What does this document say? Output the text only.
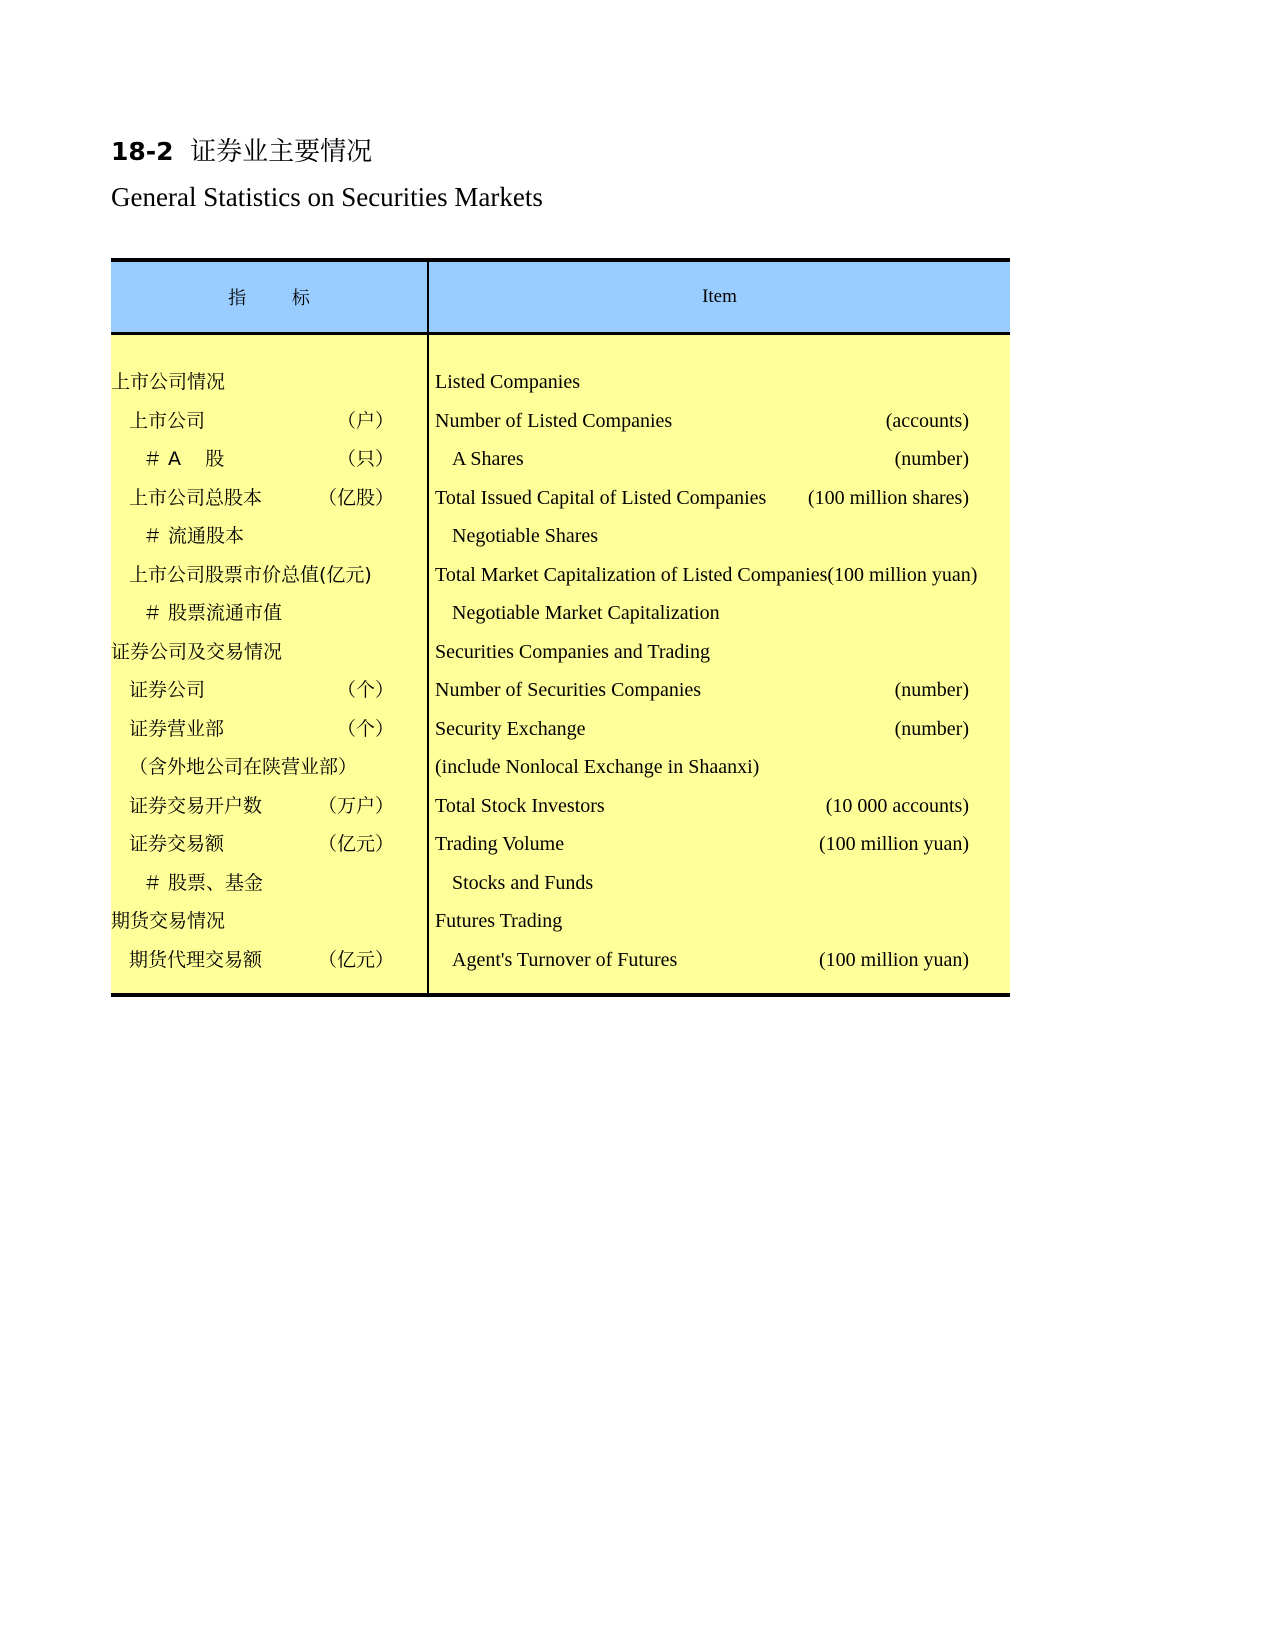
18-2 证券业主要情况
General Statistics on Securities Markets
指        标	Item

上市公司情况	Listed Companies

上市公司 （户）	Number of Listed Companies (accounts)

＃ A    股 （只）	A Shares (number)

上市公司总股本 （亿股）	Total Issued Capital of Listed Companies (100 million shares)

＃ 流通股本	Negotiable Shares

上市公司股票市价总值(亿元)	Total Market Capitalization of Listed Companies(100 million yuan)

＃ 股票流通市值	Negotiable Market Capitalization

证券公司及交易情况	Securities Companies and Trading

证券公司 （个）	Number of Securities Companies (number)

证券营业部 （个）	Security Exchange (number)

（含外地公司在陕营业部）	(include Nonlocal Exchange in Shaanxi)

证券交易开户数 （万户）	Total Stock Investors (10 000 accounts)

证券交易额 （亿元）	Trading Volume (100 million yuan)

＃ 股票、基金	Stocks and Funds

期货交易情况	Futures Trading

期货代理交易额 （亿元）	Agent's Turnover of Futures (100 million yuan)
